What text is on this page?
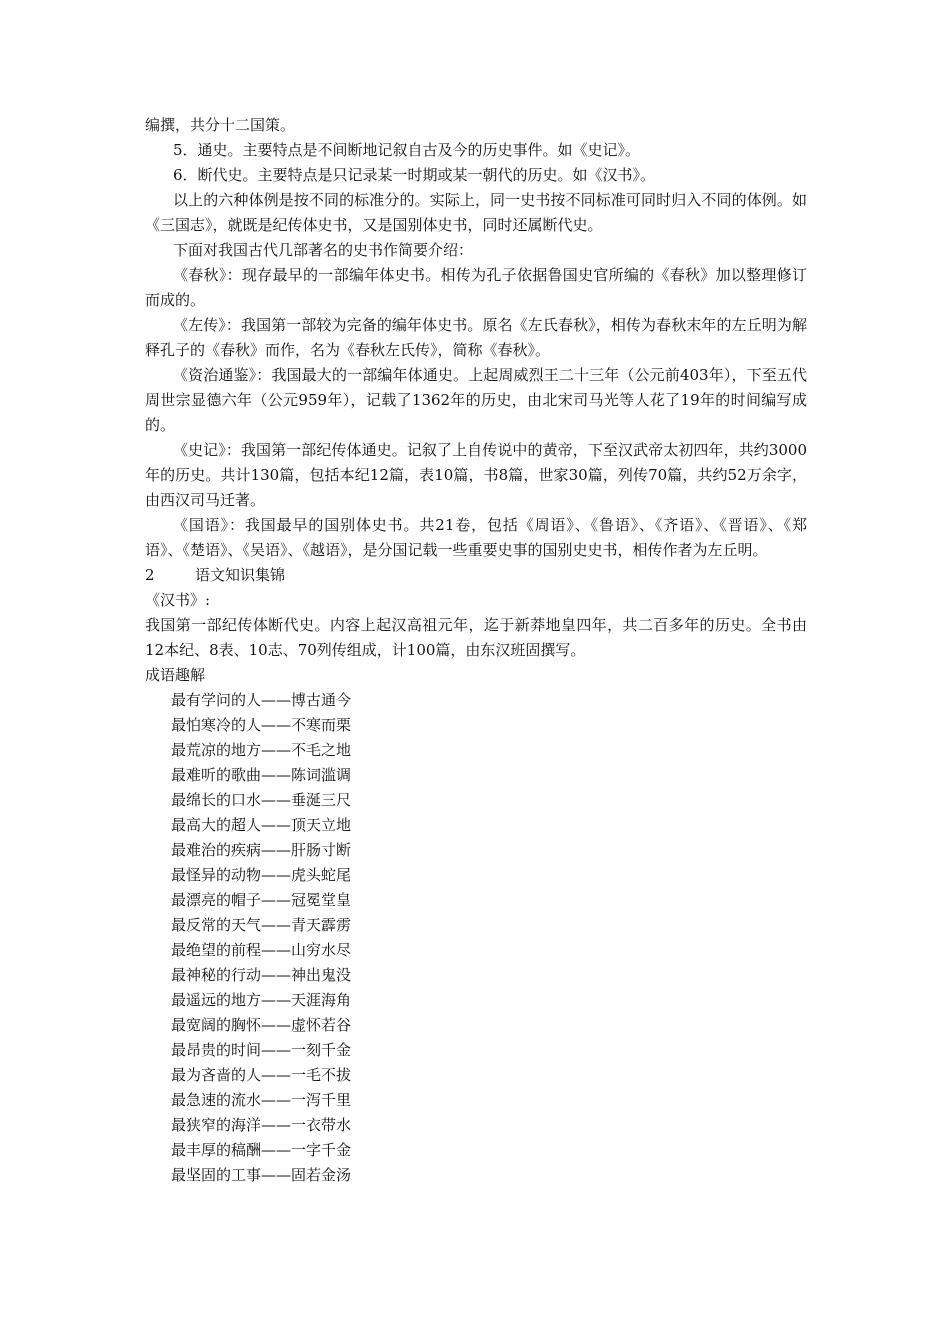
编撰，共分十二国策。

5．通史。主要特点是不间断地记叙自古及今的历史事件。如《史记》。

6．断代史。主要特点是只记录某一时期或某一朝代的历史。如《汉书》。

以上的六种体例是按不同的标准分的。实际上，同一史书按不同标准可同时归入不同的体例。如《三国志》，就既是纪传体史书，又是国别体史书，同时还属断代史。

下面对我国古代几部著名的史书作简要介绍：

《春秋》：现存最早的一部编年体史书。相传为孔子依据鲁国史官所编的《春秋》加以整理修订而成的。

《左传》：我国第一部较为完备的编年体史书。原名《左氏春秋》，相传为春秋末年的左丘明为解释孔子的《春秋》而作，名为《春秋左氏传》，简称《春秋》。

《资治通鉴》：我国最大的一部编年体通史。上起周威烈王二十三年（公元前403年），下至五代周世宗显德六年（公元959年），记载了1362年的历史，由北宋司马光等人花了19年的时间编写成的。

《史记》：我国第一部纪传体通史。记叙了上自传说中的黄帝，下至汉武帝太初四年，共约3000年的历史。共计130篇，包括本纪12篇，表10篇，书8篇，世家30篇，列传70篇，共约52万余字，由西汉司马迁著。

《国语》：我国最早的国别体史书。共21卷，包括《周语》、《鲁语》、《齐语》、《晋语》、《郑语》、《楚语》、《吴语》、《越语》，是分国记载一些重要史事的国别史史书，相传作者为左丘明。

2	语文知识集锦

《汉书》:

我国第一部纪传体断代史。内容上起汉高祖元年，迄于新莽地皇四年，共二百多年的历史。全书由12本纪、8表、10志、70列传组成，计100篇，由东汉班固撰写。

成语趣解

最有学问的人——博古通今
最怕寒冷的人——不寒而栗
最荒凉的地方——不毛之地
最难听的歌曲——陈词滥调
最绵长的口水——垂涎三尺
最高大的超人——顶天立地
最难治的疾病——肝肠寸断
最怪异的动物——虎头蛇尾
最漂亮的帽子——冠冕堂皇
最反常的天气——青天霹雳
最绝望的前程——山穷水尽
最神秘的行动——神出鬼没
最遥远的地方——天涯海角
最宽阔的胸怀——虚怀若谷
最昂贵的时间——一刻千金
最为吝啬的人——一毛不拔
最急速的流水——一泻千里
最狭窄的海洋——一衣带水
最丰厚的稿酬——一字千金
最坚固的工事——固若金汤
